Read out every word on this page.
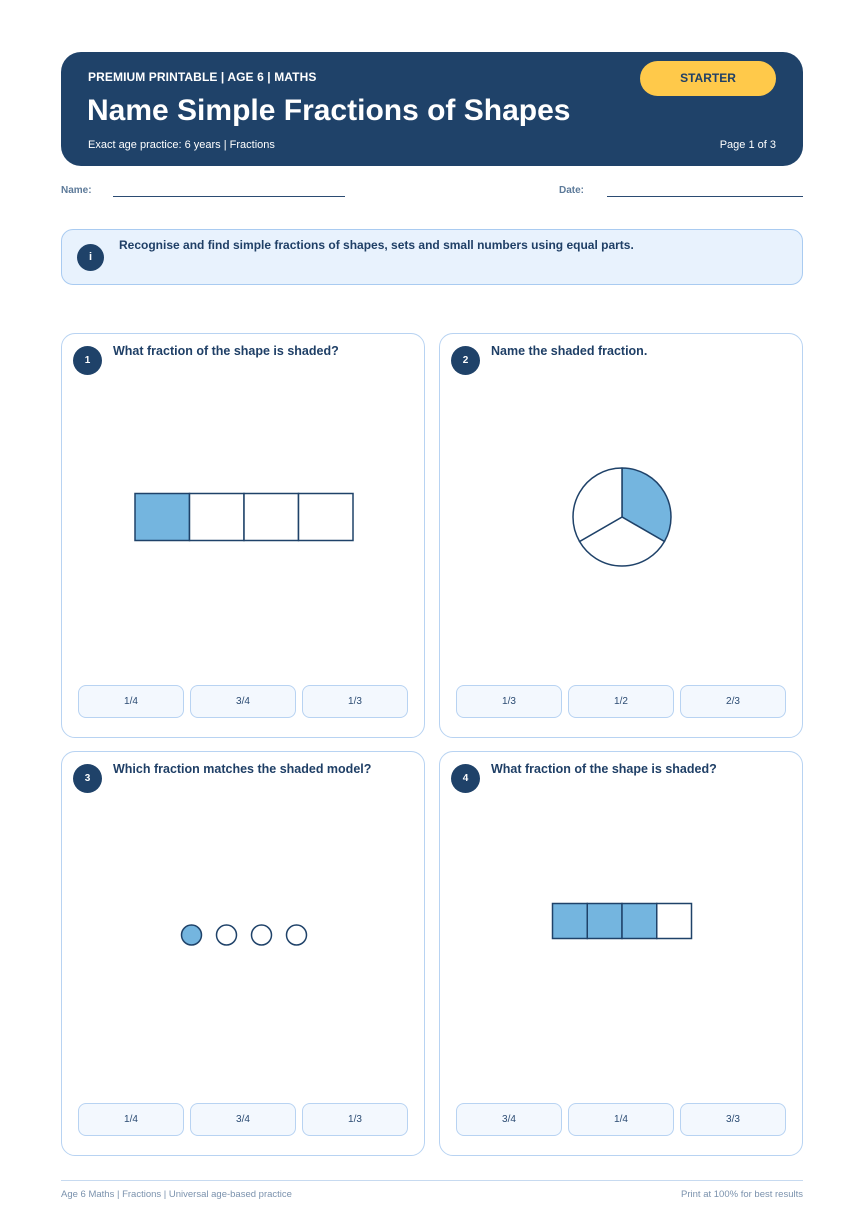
PREMIUM PRINTABLE | AGE 6 | MATHS
Name Simple Fractions of Shapes
Exact age practice: 6 years | Fractions	Page 1 of 3
STARTER
Name:	Date:
i
Recognise and find simple fractions of shapes, sets and small numbers using equal parts.
1
What fraction of the shape is shaded?
1/4	3/4	1/3
2
Name the shaded fraction.
1/3	1/2	2/3
3
Which fraction matches the shaded model?
1/4	3/4	1/3
4
What fraction of the shape is shaded?
3/4	1/4	3/3
Age 6 Maths | Fractions | Universal age-based practice	Print at 100% for best results
